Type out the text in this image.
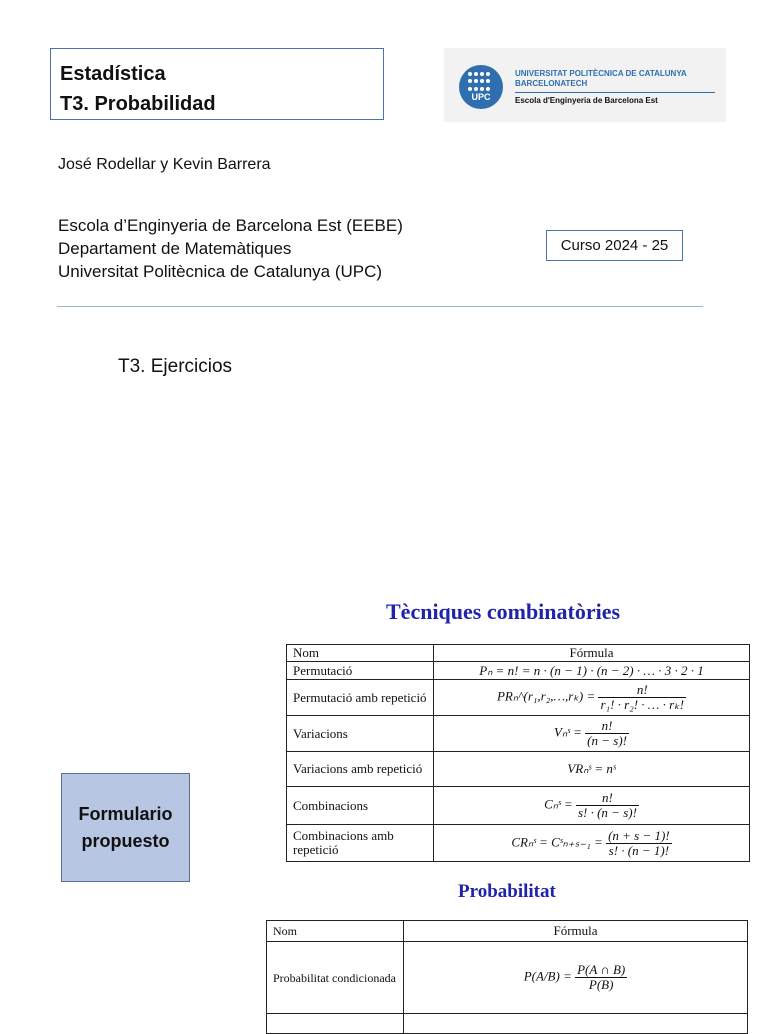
Estadística
T3. Probabilidad	UPC
UNIVERSITAT POLITÈCNICA DE CATALUNYA
BARCELONATECH
Escola d'Enginyeria de Barcelona Est
José Rodellar y Kevin Barrera
Escola d’Enginyeria de Barcelona Est (EEBE)
Departament de Matemàtiques
Universitat Politècnica de Catalunya (UPC)
Curso 2024 - 25
T3. Ejercicios
Tècniques combinatòries
Formulario
propuesto
Nom	Fórmula
Permutació	Pₙ = n! = n · (n − 1) · (n − 2) · … · 3 · 2 · 1
Permutació amb repetició	PRₙ^(r₁,r₂,…,rₖ) = $\frac{n!}{\text{r₁! · r₂! · … · rₖ!}}$

Variacions	Vₙˢ = $\frac{n!}{(n - s)!}$

Variacions amb repetició	VRₙˢ = nˢ
Combinacions	Cₙˢ = $\frac{n!}{s! \cdot (n - s)!}$

Combinacions amb repetició	CRₙˢ = Cˢₙ₊ₛ₋₁ = $\frac{(n + s - 1)!}{s! \cdot (n - 1)!}$
Probabilitat
Nom	Fórmula
Probabilitat condicionada	$P(A/B) = \frac{P(A \cap B)}{P(B)}$
